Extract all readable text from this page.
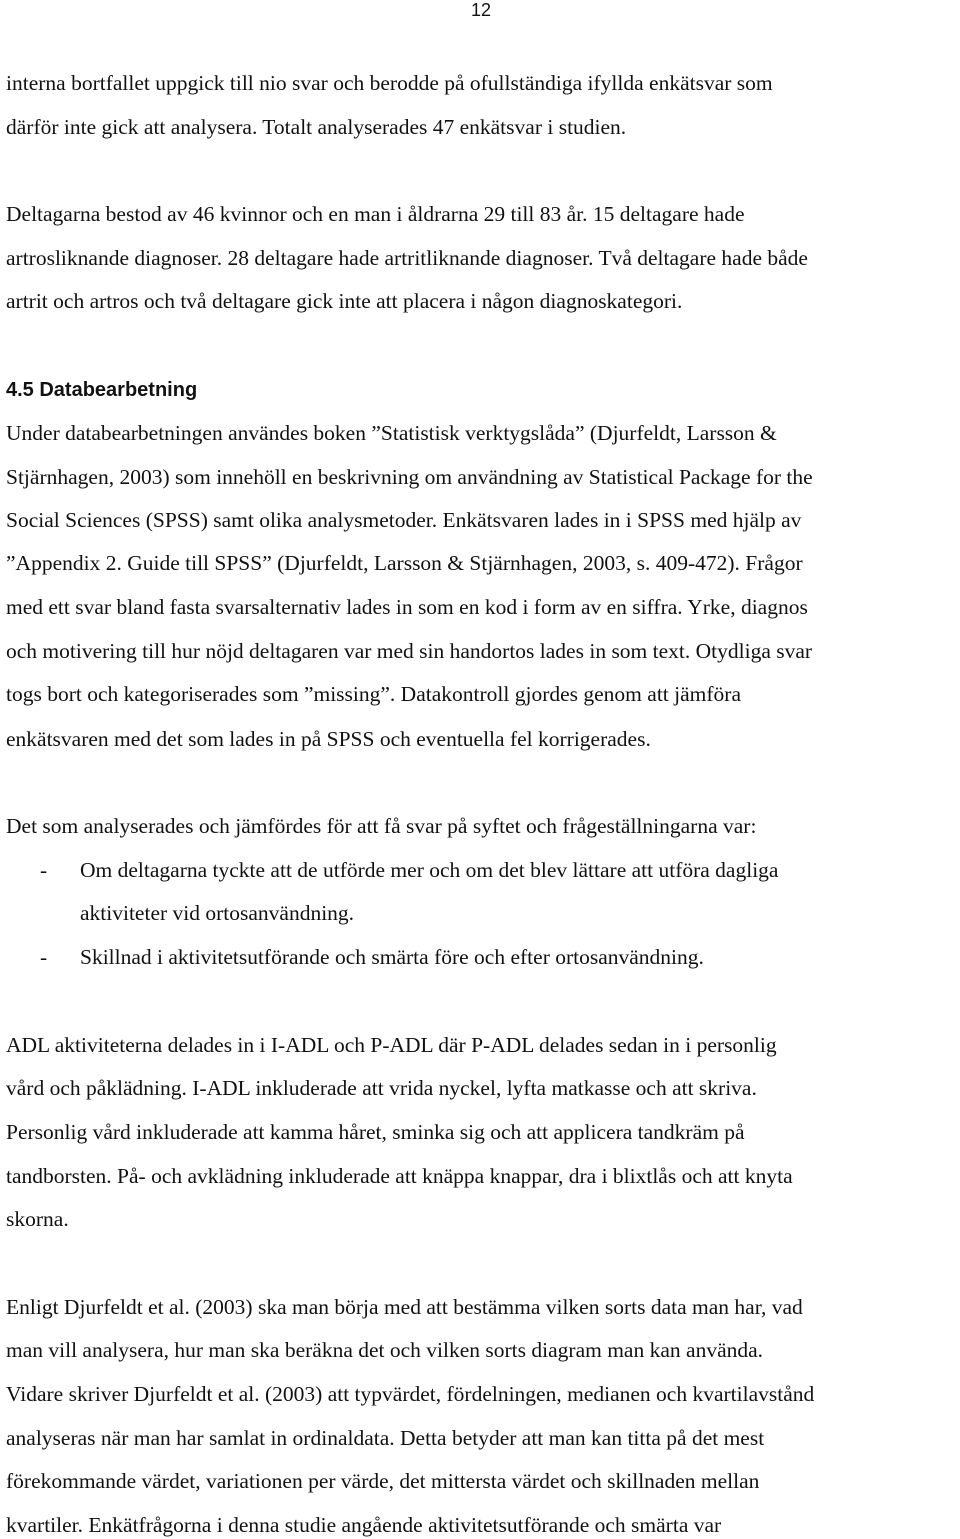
12
interna bortfallet uppgick till nio svar och berodde på ofullständiga ifyllda enkätsvar som
därför inte gick att analysera. Totalt analyserades 47 enkätsvar i studien.
Deltagarna bestod av 46 kvinnor och en man i åldrarna 29 till 83 år. 15 deltagare hade
artrosliknande diagnoser. 28 deltagare hade artritliknande diagnoser. Två deltagare hade både
artrit och artros och två deltagare gick inte att placera i någon diagnoskategori.
4.5 Databearbetning
Under databearbetningen användes boken ”Statistisk verktygslåda” (Djurfeldt, Larsson &
Stjärnhagen, 2003) som innehöll en beskrivning om användning av Statistical Package for the
Social Sciences (SPSS) samt olika analysmetoder. Enkätsvaren lades in i SPSS med hjälp av
”Appendix 2. Guide till SPSS” (Djurfeldt, Larsson & Stjärnhagen, 2003, s. 409-472). Frågor
med ett svar bland fasta svarsalternativ lades in som en kod i form av en siffra. Yrke, diagnos
och motivering till hur nöjd deltagaren var med sin handortos lades in som text. Otydliga svar
togs bort och kategoriserades som ”missing”. Datakontroll gjordes genom att jämföra
enkätsvaren med det som lades in på SPSS och eventuella fel korrigerades.
Det som analyserades och jämfördes för att få svar på syftet och frågeställningarna var:
- Om deltagarna tyckte att de utförde mer och om det blev lättare att utföra dagliga
aktiviteter vid ortosanvändning.
- Skillnad i aktivitetsutförande och smärta före och efter ortosanvändning.
ADL aktiviteterna delades in i I-ADL och P-ADL där P-ADL delades sedan in i personlig
vård och påklädning. I-ADL inkluderade att vrida nyckel, lyfta matkasse och att skriva.
Personlig vård inkluderade att kamma håret, sminka sig och att applicera tandkräm på
tandborsten. På- och avklädning inkluderade att knäppa knappar, dra i blixtlås och att knyta
skorna.
Enligt Djurfeldt et al. (2003) ska man börja med att bestämma vilken sorts data man har, vad
man vill analysera, hur man ska beräkna det och vilken sorts diagram man kan använda.
Vidare skriver Djurfeldt et al. (2003) att typvärdet, fördelningen, medianen och kvartilavstånd
analyseras när man har samlat in ordinaldata. Detta betyder att man kan titta på det mest
förekommande värdet, variationen per värde, det mittersta värdet och skillnaden mellan
kvartiler. Enkätfrågorna i denna studie angående aktivitetsutförande och smärta var
